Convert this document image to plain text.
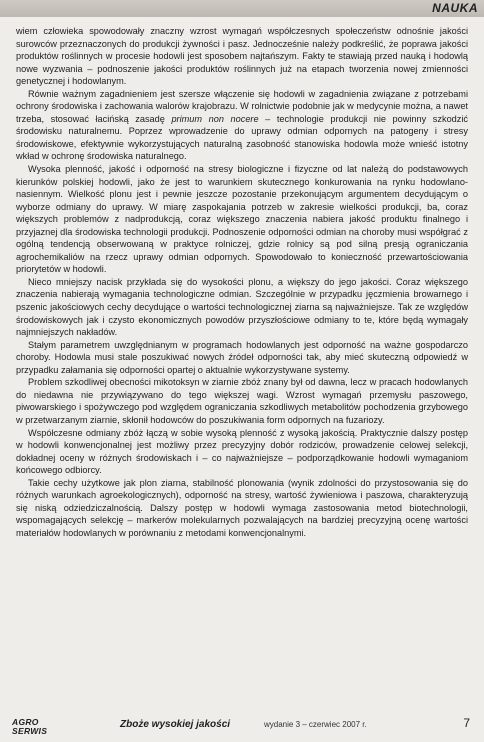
NAUKA

wiem człowieka spowodowały znaczny wzrost wymagań współczesnych społeczeństw odnośnie jakości surowców przeznaczonych do produkcji żywności i pasz. Jednocześnie należy podkreślić, że poprawa jakości produktów roślinnych w procesie hodowli jest sposobem najtańszym. Fakty te stawiają przed nauką i hodowlą nowe wyzwania – podnoszenie jakości produktów roślinnych już na etapach tworzenia nowej zmienności genetycznej i hodowlanym.

Równie ważnym zagadnieniem jest szersze włączenie się hodowli w zagadnienia związane z potrzebami ochrony środowiska i zachowania walorów krajobrazu. W rolnictwie podobnie jak w medycynie można, a nawet trzeba, stosować łacińską zasadę primum non nocere – technologie produkcji nie powinny szkodzić środowisku naturalnemu. Poprzez wprowadzenie do uprawy odmian odpornych na patogeny i stresy środowiskowe, efektywnie wykorzystujących naturalną zasobność stanowiska hodowla może wnieść istotny wkład w ochronę środowiska naturalnego.

Wysoka plenność, jakość i odporność na stresy biologiczne i fizyczne od lat należą do podstawowych kierunków polskiej hodowli, jako że jest to warunkiem skutecznego konkurowania na rynku hodowlano-nasiennym. Wielkość plonu jest i pewnie jeszcze pozostanie przekonującym argumentem decydującym o wyborze odmiany do uprawy. W miarę zaspokajania potrzeb w zakresie wielkości produkcji, ba, coraz większych problemów z nadprodukcją, coraz większego znaczenia nabiera jakość produktu finalnego i przyjaznej dla środowiska technologii produkcji. Podnoszenie odporności odmian na choroby musi współgrać z ogólną tendencją obserwowaną w praktyce rolniczej, gdzie rolnicy są pod silną presją ograniczania agrochemikaliów na rzecz uprawy odmian odpornych. Spowodowało to konieczność przewartościowania priorytetów w hodowli.

Nieco mniejszy nacisk przykłada się do wysokości plonu, a większy do jego jakości. Coraz większego znaczenia nabierają wymagania technologiczne odmian. Szczególnie w przypadku jęczmienia browarnego i pszenic jakościowych cechy decydujące o wartości technologicznej ziarna są najważniejsze. Tak ze względów środowiskowych jak i czysto ekonomicznych powodów przyszłościowe odmiany to te, które będą wymagały najmniejszych nakładów.

Stałym parametrem uwzględnianym w programach hodowlanych jest odporność na ważne gospodarczo choroby. Hodowla musi stale poszukiwać nowych źródeł odporności tak, aby mieć skuteczną odpowiedź w przypadku załamania się odporności opartej o aktualnie wykorzystywane systemy.

Problem szkodliwej obecności mikotoksyn w ziarnie zbóż znany był od dawna, lecz w pracach hodowlanych do niedawna nie przywiązywano do tego większej wagi. Wzrost wymagań przemysłu paszowego, piwowarskiego i spożywczego pod względem ograniczania szkodliwych metabolitów pochodzenia grzybowego w przetwarzanym ziarnie, skłonił hodowców do poszukiwania form odpornych na fuzariozy.

Współczesne odmiany zbóż łączą w sobie wysoką plenność z wysoką jakością. Praktycznie dalszy postęp w hodowli konwencjonalnej jest możliwy przez precyzyjny dobór rodziców, prowadzenie celowej selekcji, dokładnej oceny w różnych środowiskach i – co najważniejsze – podporządkowanie hodowli wymaganiom końcowego odbiorcy.

Takie cechy użytkowe jak plon ziarna, stabilność plonowania (wynik zdolności do przystosowania się do różnych warunkach agroekologicznych), odporność na stresy, wartość żywieniowa i paszowa, charakteryzują się niską odziedziczalnością. Dalszy postęp w hodowli wymaga zastosowania metod biotechnologii, wspomagających selekcję – markerów molekularnych pozwalających na bardziej precyzyjną ocenę wartości materiałów hodowlanych w porównaniu z metodami konwencjonalnymi.

AGRO
SERWIS
Zboże wysokiej jakości	wydanie 3 – czerwiec 2007 r.	7
